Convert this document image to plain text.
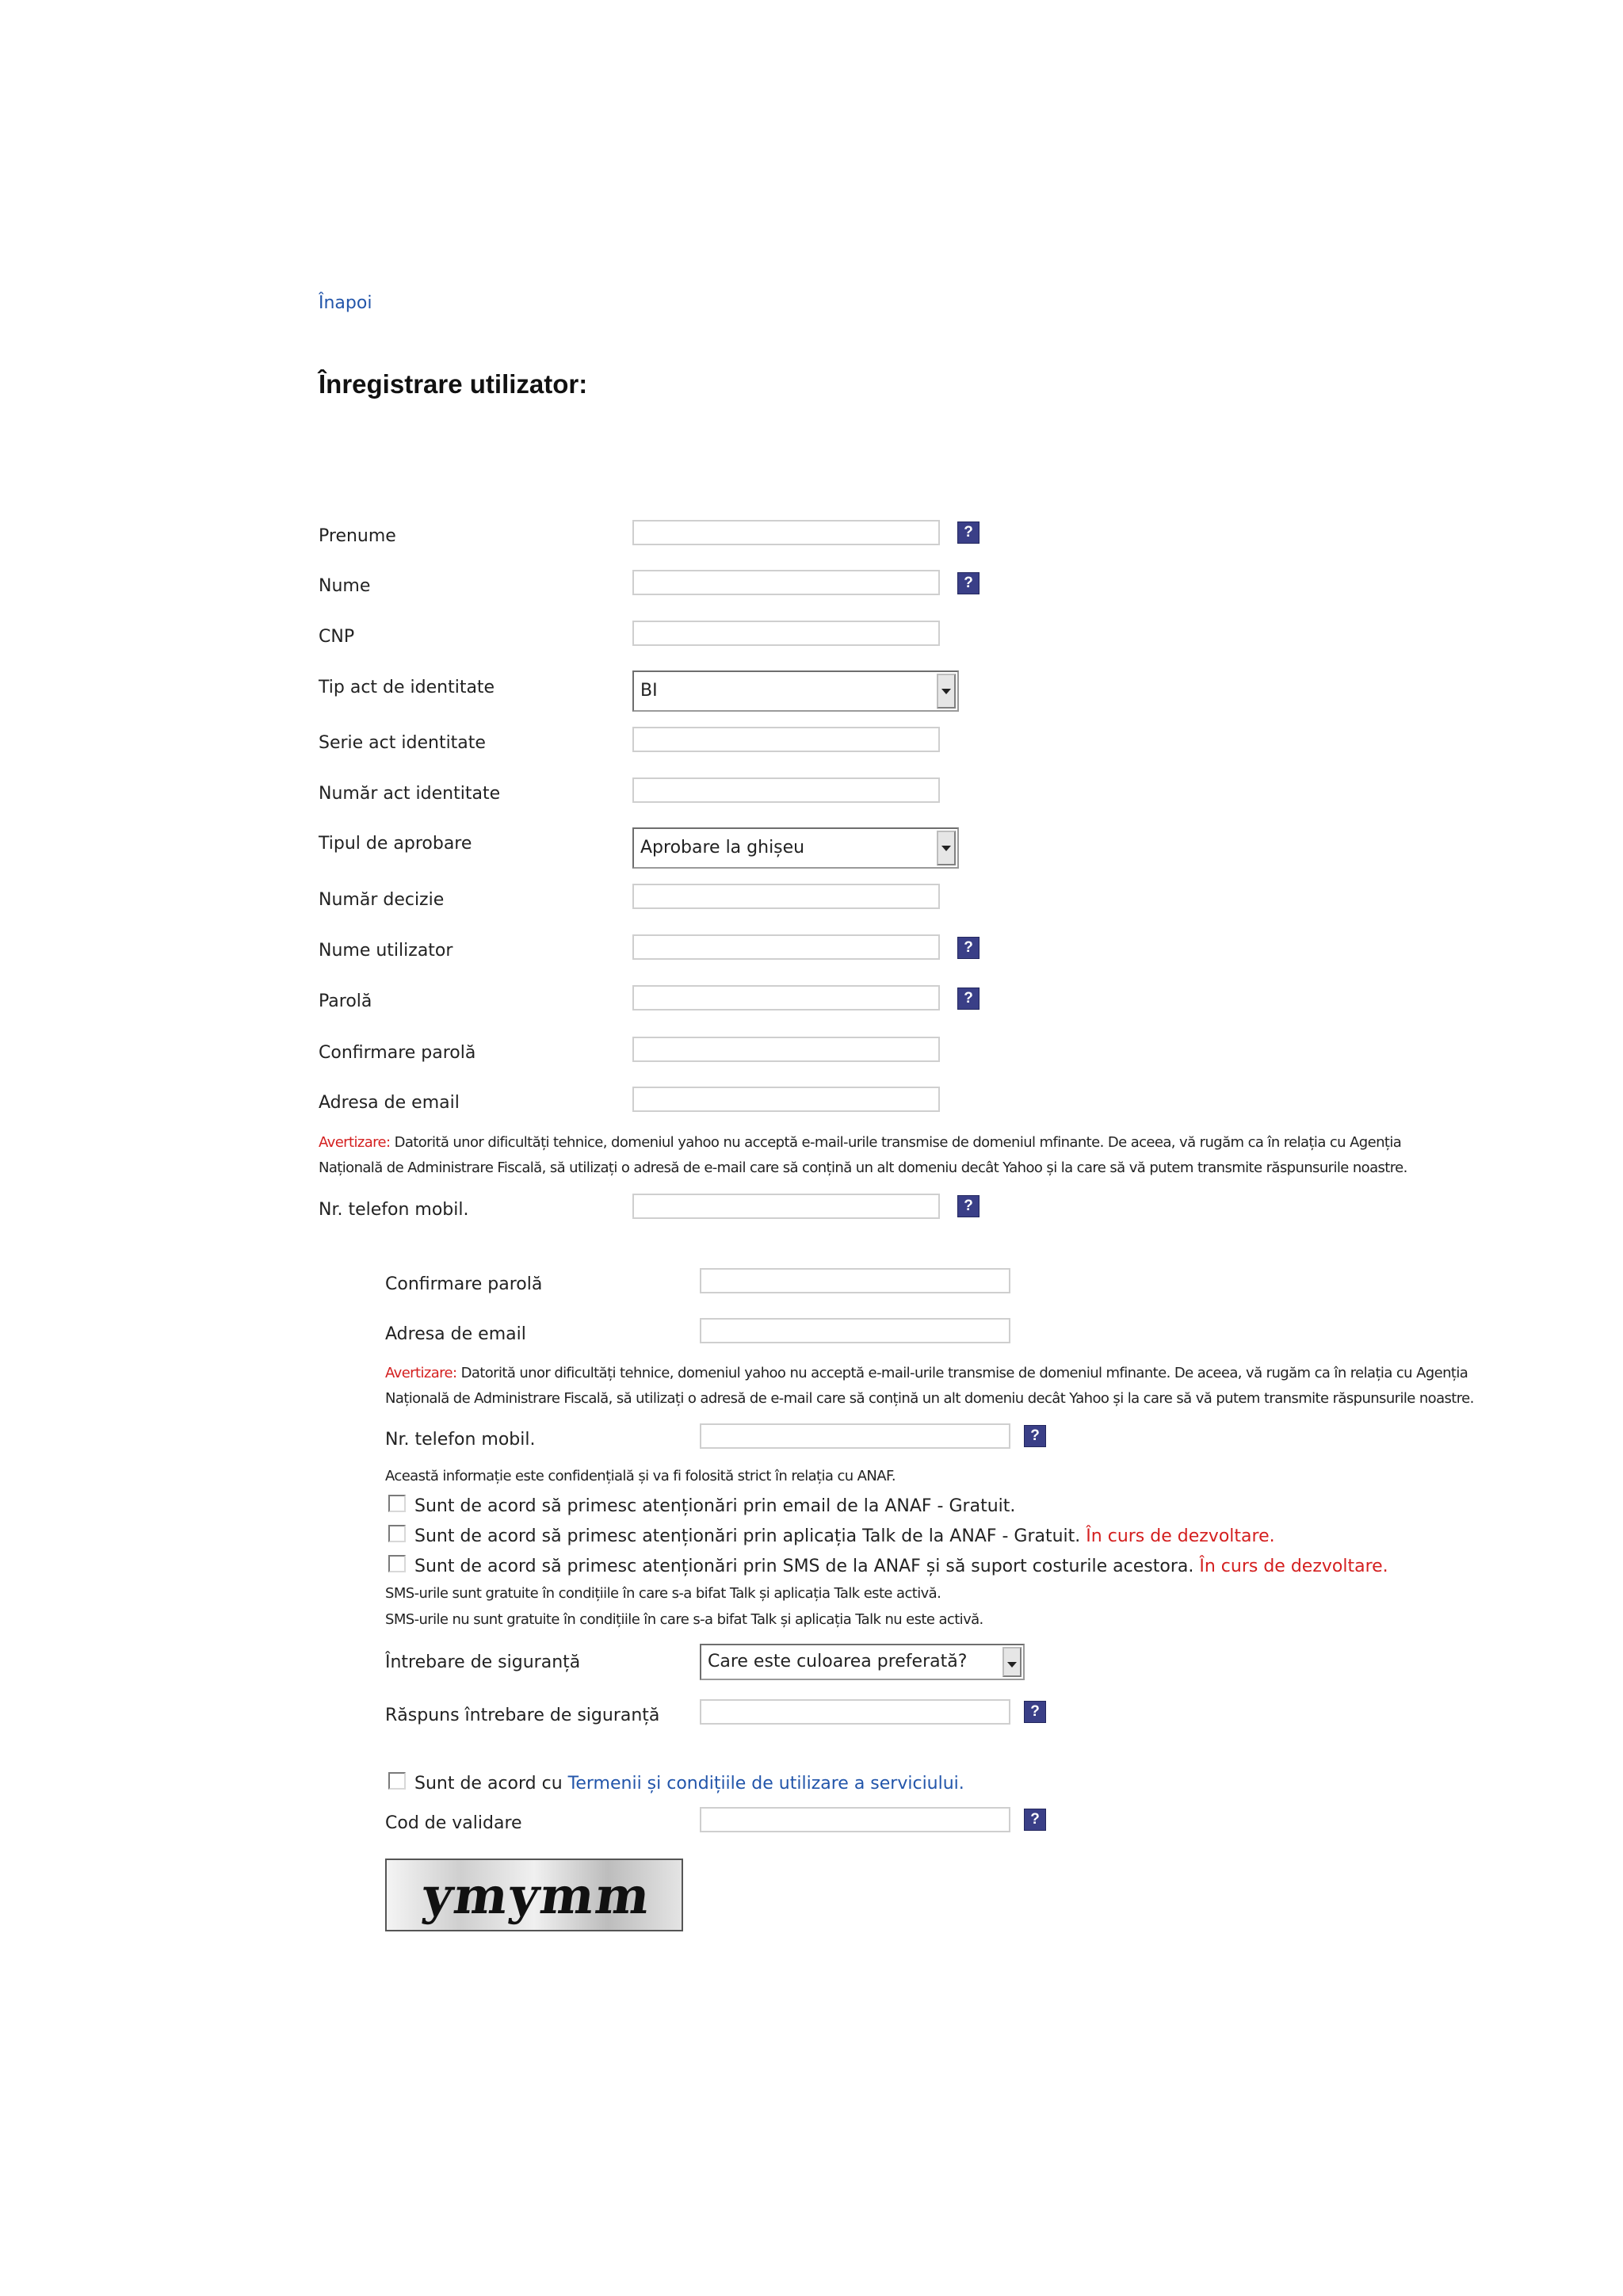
Înapoi
Înregistrare utilizator:
Prenume	?
Nume	?
CNP
Tip act de identitate	BI
Serie act identitate
Număr act identitate
Tipul de aprobare	Aprobare la ghișeu
Număr decizie
Nume utilizator	?
Parolă	?
Confirmare parolă
Adresa de email
Avertizare: Datorită unor dificultăți tehnice, domeniul yahoo nu acceptă e-mail-urile transmise de domeniul mfinante. De aceea, vă rugăm ca în relația cu Agenția
Națională de Administrare Fiscală, să utilizați o adresă de e-mail care să conțină un alt domeniu decât Yahoo și la care să vă putem transmite răspunsurile noastre.
Nr. telefon mobil.	?
Confirmare parolă
Adresa de email
Avertizare: Datorită unor dificultăți tehnice, domeniul yahoo nu acceptă e-mail-urile transmise de domeniul mfinante. De aceea, vă rugăm ca în relația cu Agenția
Națională de Administrare Fiscală, să utilizați o adresă de e-mail care să conțină un alt domeniu decât Yahoo și la care să vă putem transmite răspunsurile noastre.
Nr. telefon mobil.	?
Această informație este confidențială și va fi folosită strict în relația cu ANAF.
Sunt de acord să primesc atenționări prin email de la ANAF - Gratuit.
Sunt de acord să primesc atenționări prin aplicația Talk de la ANAF - Gratuit. În curs de dezvoltare.
Sunt de acord să primesc atenționări prin SMS de la ANAF și să suport costurile acestora. În curs de dezvoltare.
SMS-urile sunt gratuite în condițiile în care s-a bifat Talk și aplicația Talk este activă.
SMS-urile nu sunt gratuite în condițiile în care s-a bifat Talk și aplicația Talk nu este activă.
Întrebare de siguranță	Care este culoarea preferată?
Răspuns întrebare de siguranță	?
Sunt de acord cu Termenii și condițiile de utilizare a serviciului.
Cod de validare	?
ymymm
